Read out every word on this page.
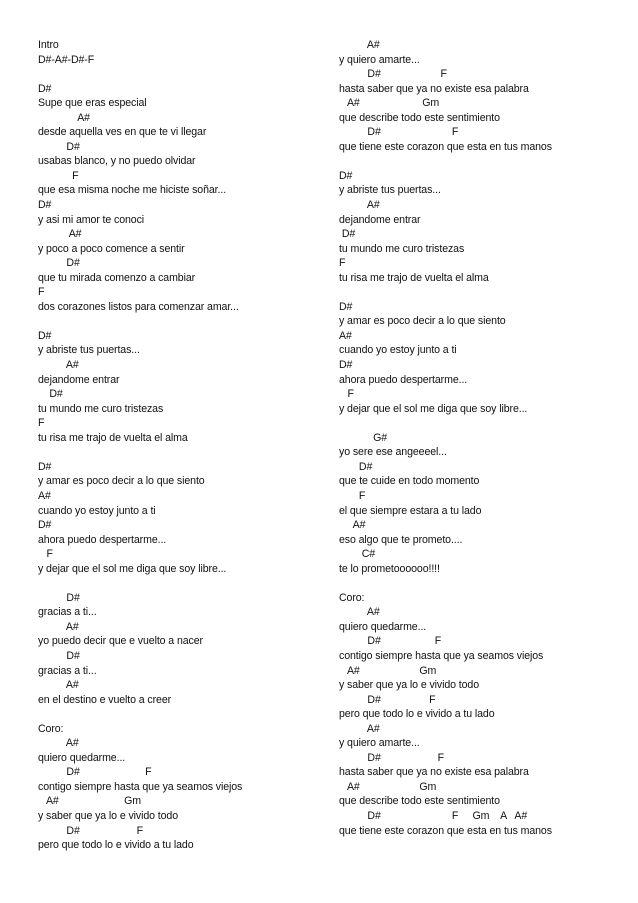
Intro
D#-A#-D#-F
D#
Supe que eras especial
A#
desde aquella ves en que te vi llegar
D#
usabas blanco, y no puedo olvidar
F
que esa misma noche me hiciste soñar...
D#
y asi mi amor te conoci
A#
y poco a poco comence a sentir
D#
que tu mirada comenzo a cambiar
F
dos corazones listos para comenzar amar...
D#
y abriste tus puertas...
A#
dejandome entrar
D#
tu mundo me curo tristezas
F
tu risa me trajo de vuelta el alma
D#
y amar es poco decir a lo que siento
A#
cuando yo estoy junto a ti
D#
ahora puedo despertarme...
F
y dejar que el sol me diga que soy libre...
D#
gracias a ti...
A#
yo puedo decir que e vuelto a nacer
D#
gracias a ti...
A#
en el destino e vuelto a creer
Coro:
A#
quiero quedarme...
D#                       F
contigo siempre hasta que ya seamos viejos
A#                       Gm
y saber que ya lo e vivido todo
D#                    F
pero que todo lo e vivido a tu lado
A#
y quiero amarte...
D#                     F
hasta saber que ya no existe esa palabra
A#                      Gm
que describe todo este sentimiento
D#                         F
que tiene este corazon que esta en tus manos
D#
y abriste tus puertas...
A#
dejandome entrar
D#
tu mundo me curo tristezas
F
tu risa me trajo de vuelta el alma
D#
y amar es poco decir a lo que siento
A#
cuando yo estoy junto a ti
D#
ahora puedo despertarme...
F
y dejar que el sol me diga que soy libre...
G#
yo sere ese angeeeel...
D#
que te cuide en todo momento
F
el que siempre estara a tu lado
A#
eso algo que te prometo....
C#
te lo prometoooooo!!!!
Coro:
A#
quiero quedarme...
D#                   F
contigo siempre hasta que ya seamos viejos
A#                     Gm
y saber que ya lo e vivido todo
D#                 F
pero que todo lo e vivido a tu lado
A#
y quiero amarte...
D#                    F
hasta saber que ya no existe esa palabra
A#                     Gm
que describe todo este sentimiento
D#                         F     Gm    A   A#
que tiene este corazon que esta en tus manos
